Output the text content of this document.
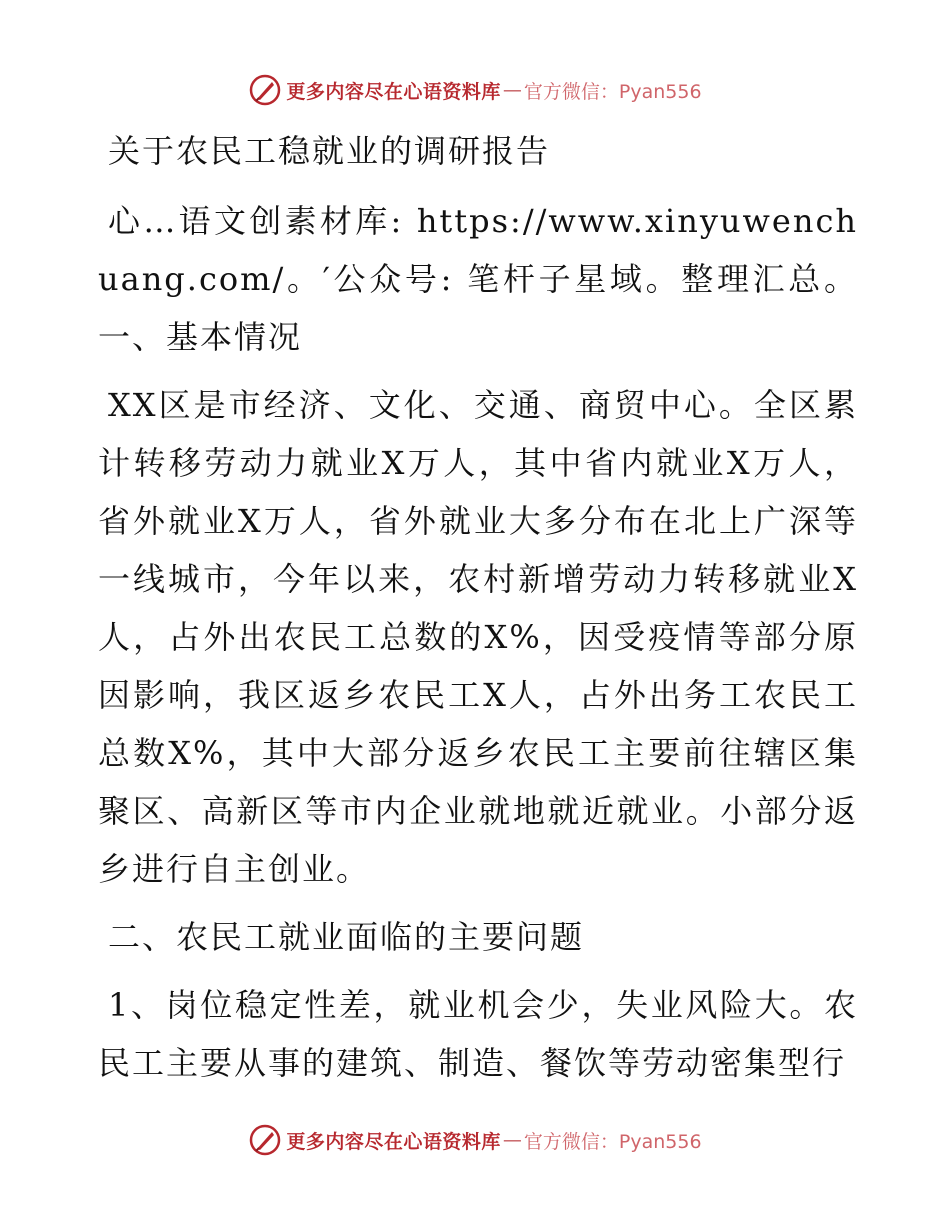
更多内容尽在心语资料库 — 官方微信：Pyan556

关于农民工稳就业的调研报告

心…语文创素材库: https://www.xinyuwenchuang.com/。′公众号: 笔杆子星域。整理汇总。一、基本情况

XX区是市经济、文化、交通、商贸中心。全区累计转移劳动力就业X万人，其中省内就业X万人，省外就业X万人，省外就业大多分布在北上广深等一线城市，今年以来，农村新增劳动力转移就业X人，占外出农民工总数的X%，因受疫情等部分原因影响，我区返乡农民工X人，占外出务工农民工总数X%，其中大部分返乡农民工主要前往辖区集聚区、高新区等市内企业就地就近就业。小部分返乡进行自主创业。

二、农民工就业面临的主要问题

1、岗位稳定性差，就业机会少，失业风险大。农民工主要从事的建筑、制造、餐饮等劳动密集型行

更多内容尽在心语资料库 — 官方微信：Pyan556
